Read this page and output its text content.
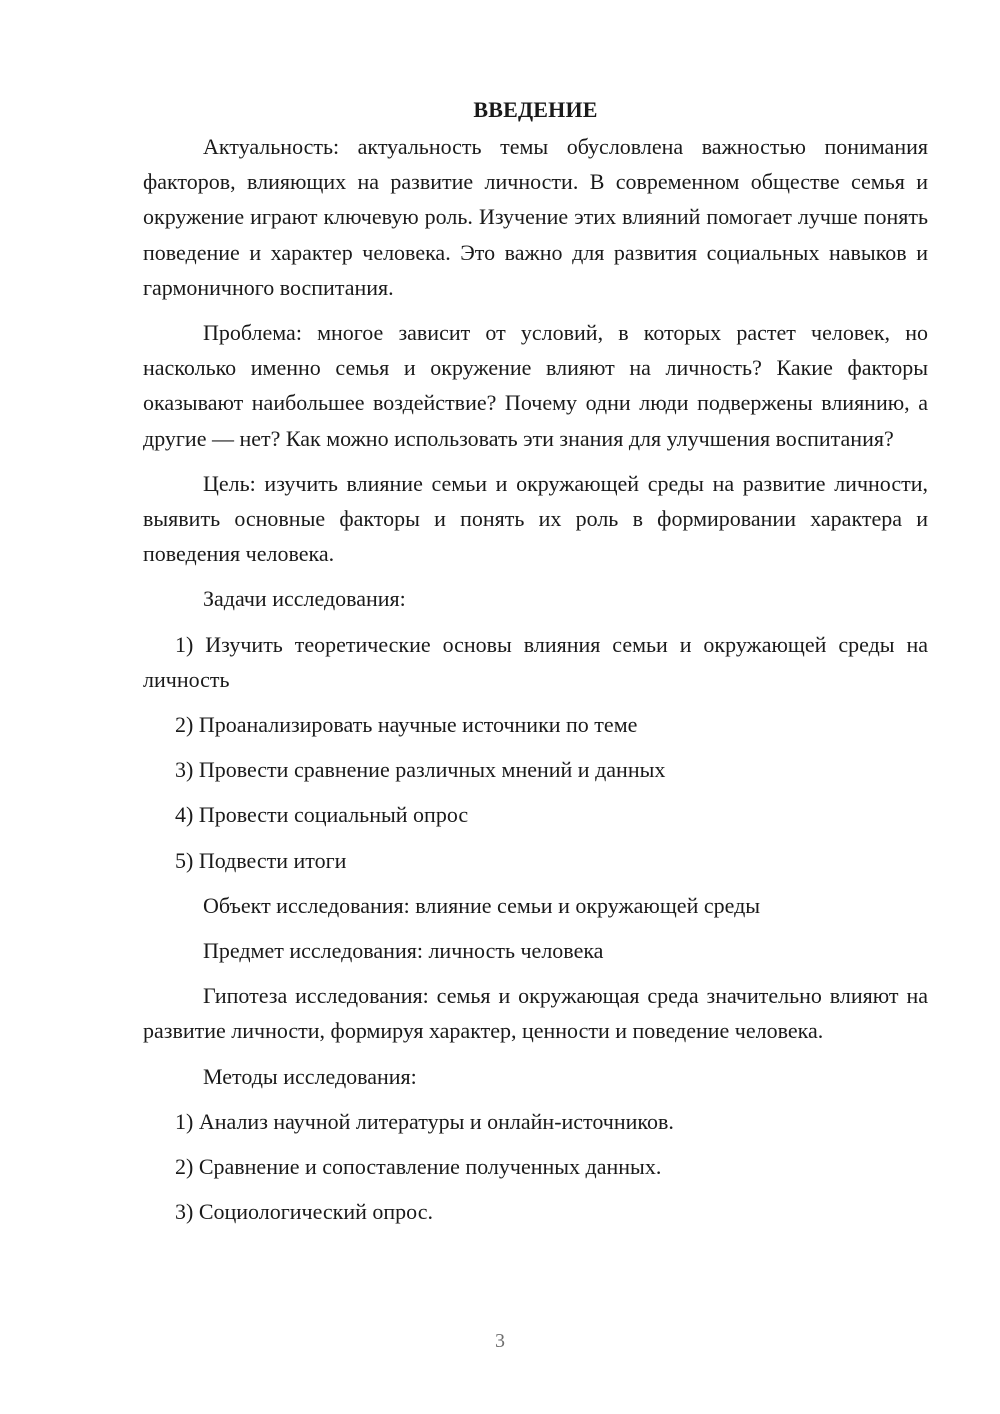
ВВЕДЕНИЕ

Актуальность: актуальность темы обусловлена важностью понимания факторов, влияющих на развитие личности. В современном обществе семья и окружение играют ключевую роль. Изучение этих влияний помогает лучше понять поведение и характер человека. Это важно для развития социальных навыков и гармоничного воспитания.

Проблема: многое зависит от условий, в которых растет человек, но насколько именно семья и окружение влияют на личность? Какие факторы оказывают наибольшее воздействие? Почему одни люди подвержены влиянию, а другие — нет? Как можно использовать эти знания для улучшения воспитания?

Цель: изучить влияние семьи и окружающей среды на развитие личности, выявить основные факторы и понять их роль в формировании характера и поведения человека.

Задачи исследования:

1) Изучить теоретические основы влияния семьи и окружающей среды на личность

2) Проанализировать научные источники по теме

3) Провести сравнение различных мнений и данных

4) Провести социальный опрос

5) Подвести итоги

Объект исследования: влияние семьи и окружающей среды

Предмет исследования: личность человека

Гипотеза исследования: семья и окружающая среда значительно влияют на развитие личности, формируя характер, ценности и поведение человека.

Методы исследования:

1) Анализ научной литературы и онлайн-источников.

2) Сравнение и сопоставление полученных данных.

3) Социологический опрос.

3
